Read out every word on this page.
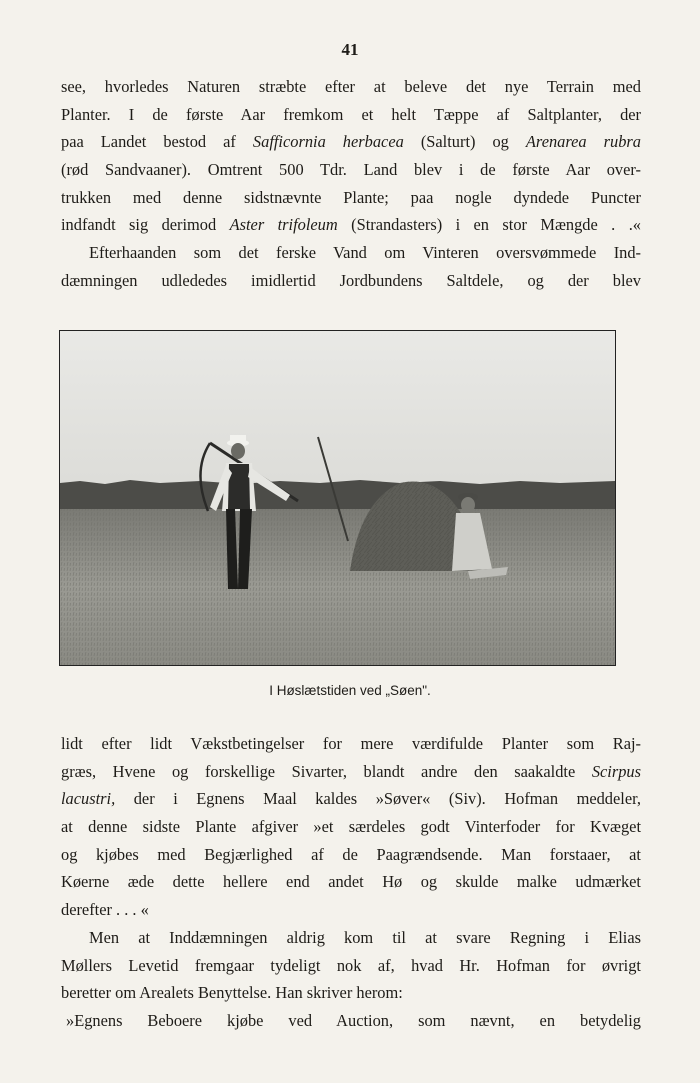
41
see, hvorledes Naturen stræbte efter at beleve det nye Terrain med
Planter. I de første Aar fremkom et helt Tæppe af Saltplanter, der
paa Landet bestod af Safficornia herbacea (Salturt) og Arenarea rubra
(rød Sandvaaner). Omtrent 500 Tdr. Land blev i de første Aar over-
trukken med denne sidstnævnte Plante; paa nogle dyndede Puncter
indfandt sig derimod Aster trifoleum (Strandasters) i en stor Mængde . .«
Efterhaanden som det ferske Vand om Vinteren oversvømmede Ind-
dæmningen udlededes imidlertid Jordbundens Saltdele, og der blev
I Høslætstiden ved „Søen".
lidt efter lidt Vækstbetingelser for mere værdifulde Planter som Raj-
græs, Hvene og forskellige Sivarter, blandt andre den saakaldte Scirpus
lacustri, der i Egnens Maal kaldes »Søver« (Siv). Hofman meddeler,
at denne sidste Plante afgiver »et særdeles godt Vinterfoder for Kvæget
og kjøbes med Begjærlighed af de Paagrændsende. Man forstaaer, at
Køerne æde dette hellere end andet Hø og skulde malke udmærket
derefter . . . «
Men at Inddæmningen aldrig kom til at svare Regning i Elias
Møllers Levetid fremgaar tydeligt nok af, hvad Hr. Hofman for øvrigt
beretter om Arealets Benyttelse. Han skriver herom:
»Egnens Beboere kjøbe ved Auction, som nævnt, en betydelig
